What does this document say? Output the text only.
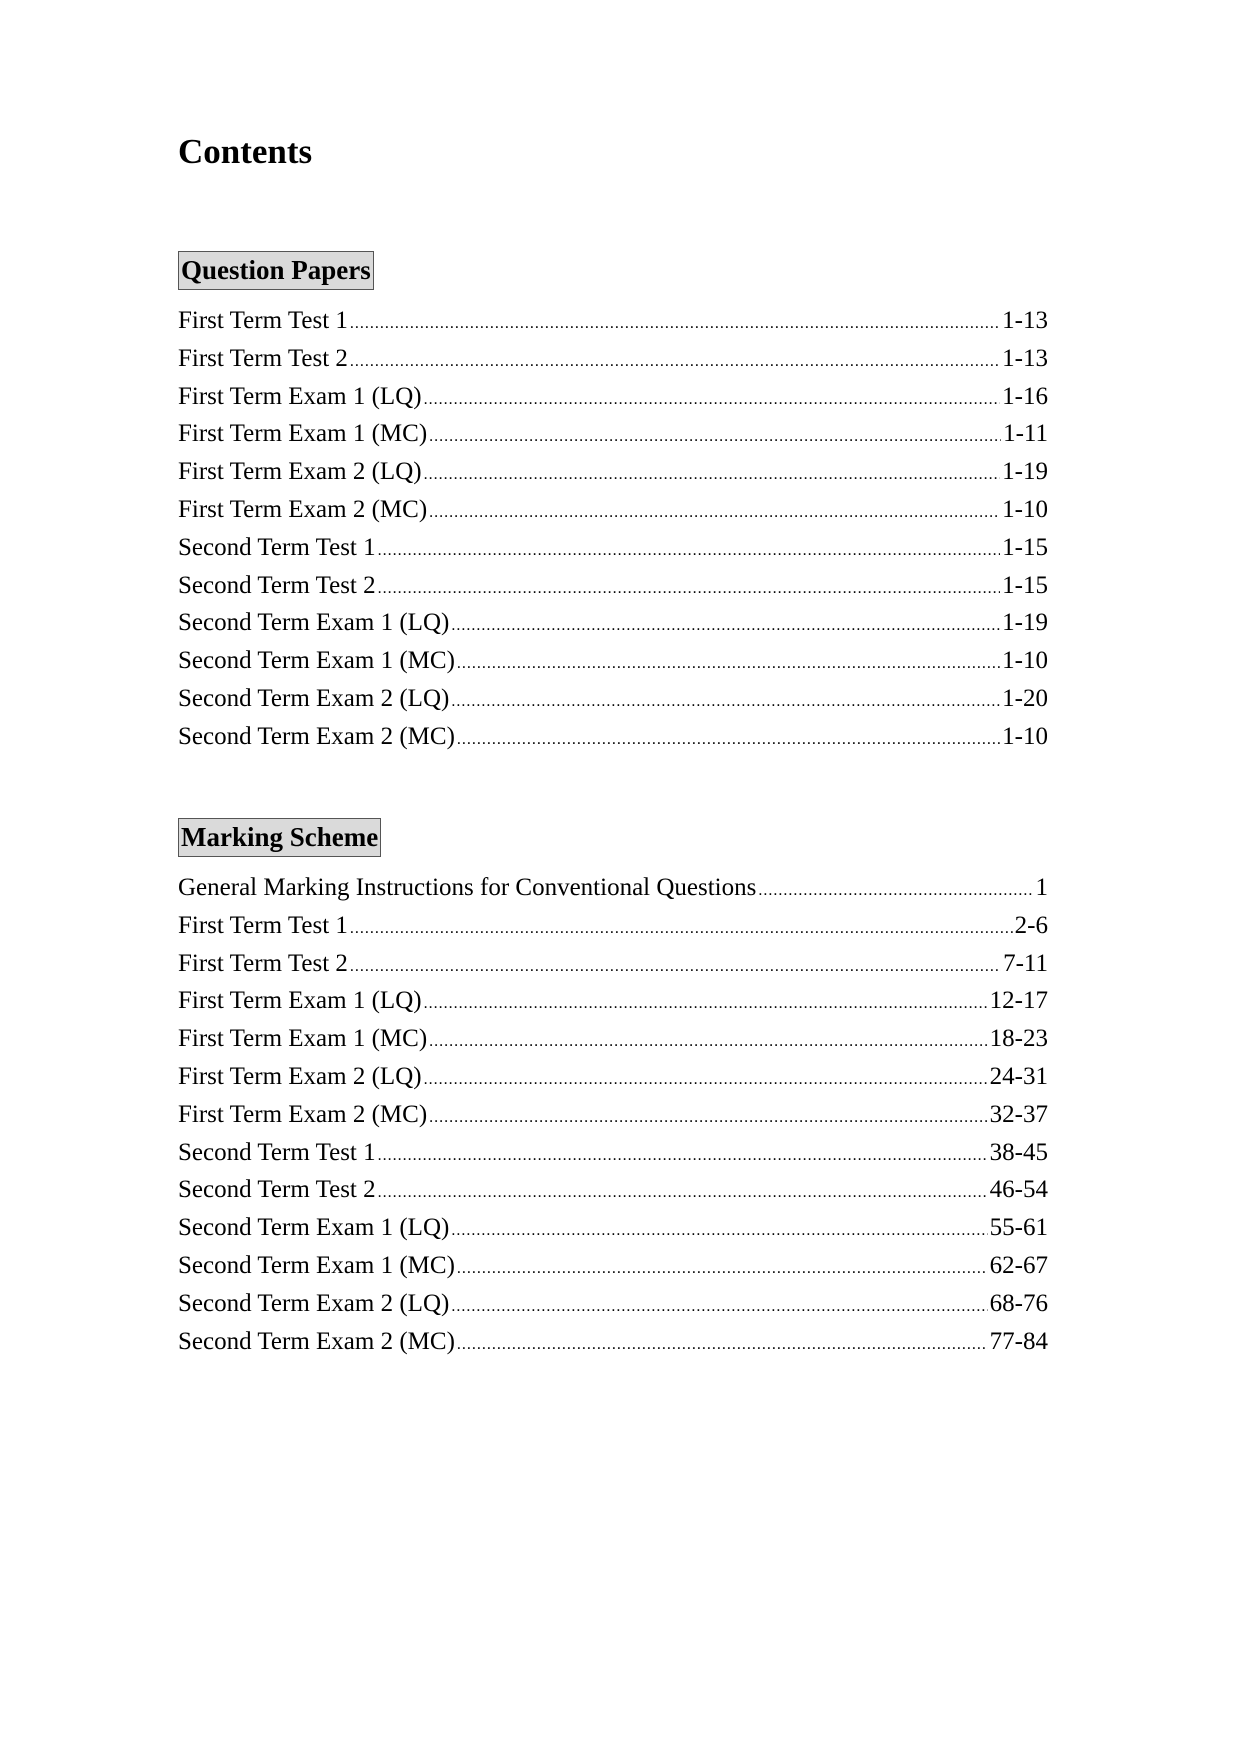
Contents
Question Papers
First Term Test 1 .....	1-13
First Term Test 2 .....	1-13
First Term Exam 1 (LQ) .....	1-16
First Term Exam 1 (MC) .....	1-11
First Term Exam 2 (LQ) .....	1-19
First Term Exam 2 (MC) .....	1-10
Second Term Test 1 .....	1-15
Second Term Test 2 .....	1-15
Second Term Exam 1 (LQ) .....	1-19
Second Term Exam 1 (MC) .....	1-10
Second Term Exam 2 (LQ) .....	1-20
Second Term Exam 2 (MC) .....	1-10
Marking Scheme
General Marking Instructions for Conventional Questions .....	1
First Term Test 1 .....	2-6
First Term Test 2 .....	7-11
First Term Exam 1 (LQ) .....	12-17
First Term Exam 1 (MC) .....	18-23
First Term Exam 2 (LQ) .....	24-31
First Term Exam 2 (MC) .....	32-37
Second Term Test 1 .....	38-45
Second Term Test 2 .....	46-54
Second Term Exam 1 (LQ) .....	55-61
Second Term Exam 1 (MC) .....	62-67
Second Term Exam 2 (LQ) .....	68-76
Second Term Exam 2 (MC) .....	77-84
